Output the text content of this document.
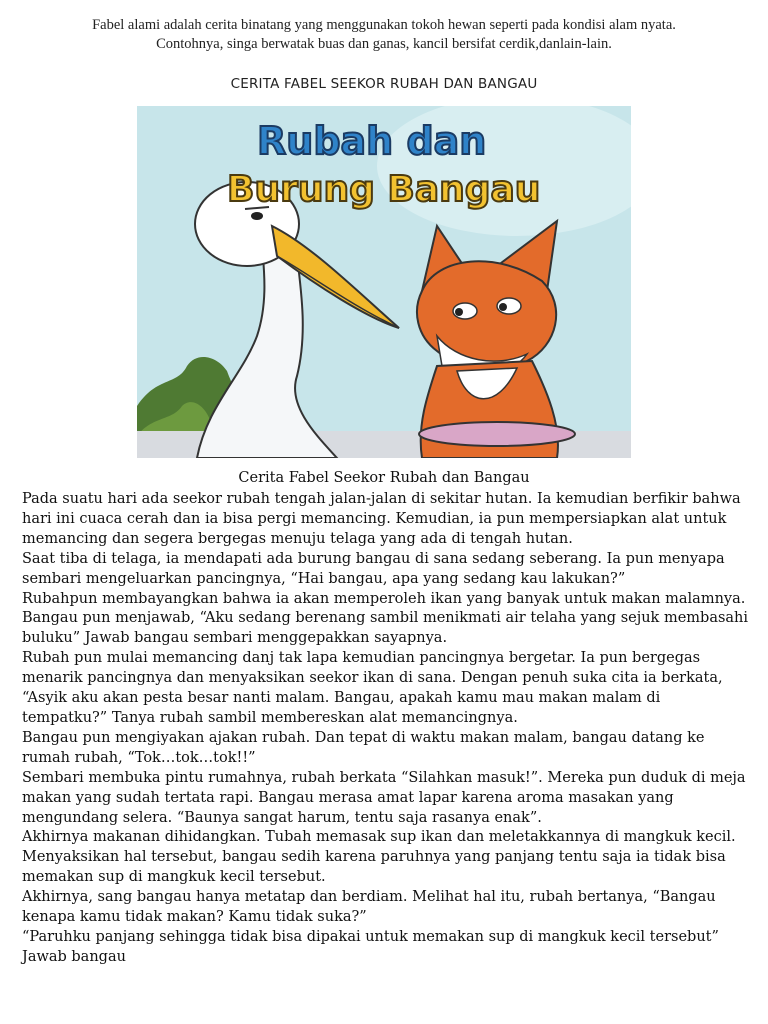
Fabel alami adalah cerita binatang yang menggunakan tokoh hewan seperti pada kondisi alam nyata.
Contohnya, singa berwatak buas dan ganas, kancil bersifat cerdik,danlain-lain.
CERITA FABEL SEEKOR RUBAH DAN BANGAU
Rubah dan
Burung Bangau
Cerita Fabel Seekor Rubah dan Bangau

Pada suatu hari ada seekor rubah tengah jalan-jalan di sekitar hutan. Ia kemudian berfikir bahwa hari ini cuaca cerah dan ia bisa pergi memancing. Kemudian, ia pun mempersiapkan alat untuk memancing dan segera bergegas menuju telaga yang ada di tengah hutan.

Saat tiba di telaga, ia mendapati ada burung bangau di sana sedang seberang. Ia pun menyapa sembari mengeluarkan pancingnya, “Hai bangau, apa yang sedang kau lakukan?”

Rubahpun membayangkan bahwa ia akan memperoleh ikan yang banyak untuk makan malamnya.

Bangau pun menjawab, “Aku sedang berenang sambil menikmati air telaha yang sejuk membasahi buluku” Jawab bangau sembari menggepakkan sayapnya.

Rubah pun mulai memancing danj tak lapa kemudian pancingnya bergetar. Ia pun bergegas menarik pancingnya dan menyaksikan seekor ikan di sana. Dengan penuh suka cita ia berkata, “Asyik aku akan pesta besar nanti malam. Bangau, apakah kamu mau makan malam di tempatku?” Tanya rubah sambil membereskan alat memancingnya.

Bangau pun mengiyakan ajakan rubah. Dan tepat di waktu makan malam, bangau datang ke rumah rubah, “Tok…tok…tok!!”

Sembari membuka pintu rumahnya, rubah berkata “Silahkan masuk!”. Mereka pun duduk di meja makan yang sudah tertata rapi. Bangau merasa amat lapar karena aroma masakan yang mengundang selera. “Baunya sangat harum, tentu saja rasanya enak”.

Akhirnya makanan dihidangkan. Tubah memasak sup ikan dan meletakkannya di mangkuk kecil. Menyaksikan hal tersebut, bangau sedih karena paruhnya yang panjang tentu saja ia tidak bisa memakan sup di mangkuk kecil tersebut.

Akhirnya, sang bangau hanya metatap dan berdiam. Melihat hal itu, rubah bertanya, “Bangau kenapa kamu tidak makan? Kamu tidak suka?”

“Paruhku panjang sehingga tidak bisa dipakai untuk memakan sup di mangkuk kecil tersebut” Jawab bangau
